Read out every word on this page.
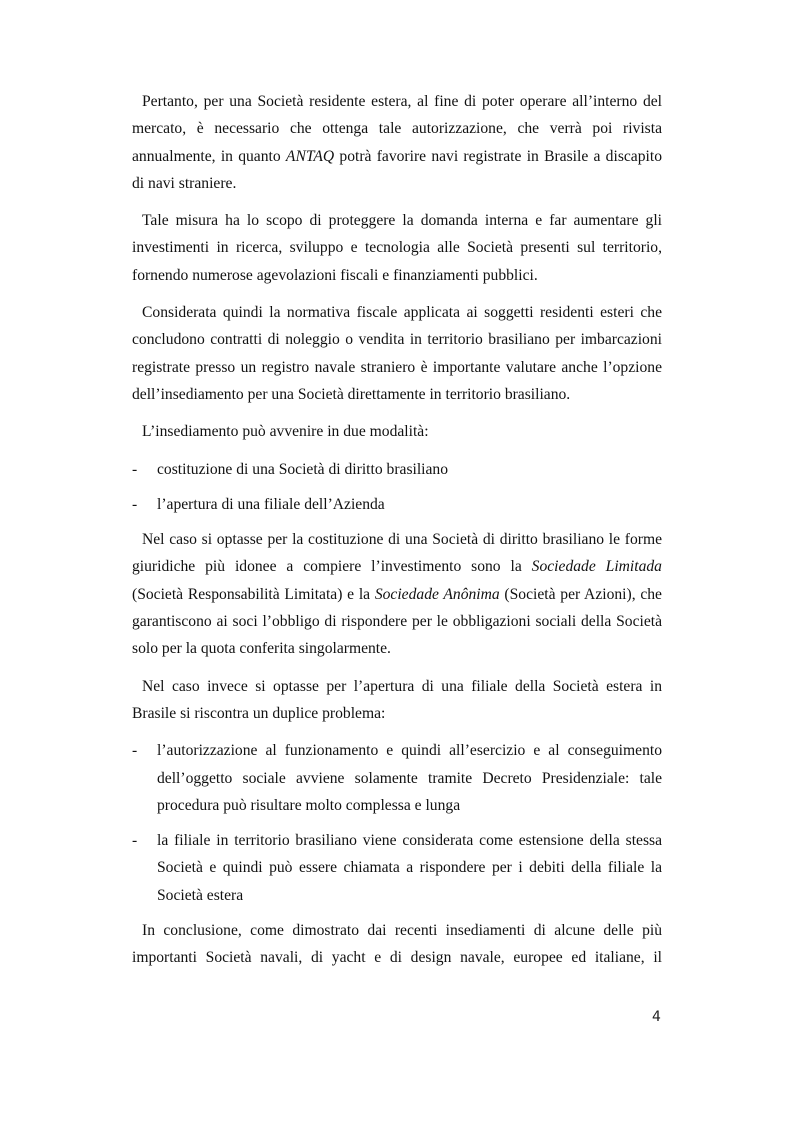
Pertanto, per una Società residente estera, al fine di poter operare all’interno del mercato, è necessario che ottenga tale autorizzazione, che verrà poi rivista annualmente, in quanto ANTAQ potrà favorire navi registrate in Brasile a discapito di navi straniere.

Tale misura ha lo scopo di proteggere la domanda interna e far aumentare gli investimenti in ricerca, sviluppo e tecnologia alle Società presenti sul territorio, fornendo numerose agevolazioni fiscali e finanziamenti pubblici.

Considerata quindi la normativa fiscale applicata ai soggetti residenti esteri che concludono contratti di noleggio o vendita in territorio brasiliano per imbarcazioni registrate presso un registro navale straniero è importante valutare anche l’opzione dell’insediamento per una Società direttamente in territorio brasiliano.

L’insediamento può avvenire in due modalità:

- costituzione di una Società di diritto brasiliano
- l’apertura di una filiale dell’Azienda

Nel caso si optasse per la costituzione di una Società di diritto brasiliano le forme giuridiche più idonee a compiere l’investimento sono la Sociedade Limitada (Società Responsabilità Limitata) e la Sociedade Anônima (Società per Azioni), che garantiscono ai soci l’obbligo di rispondere per le obbligazioni sociali della Società solo per la quota conferita singolarmente.

Nel caso invece si optasse per l’apertura di una filiale della Società estera in Brasile si riscontra un duplice problema:

- l’autorizzazione al funzionamento e quindi all’esercizio e al conseguimento dell’oggetto sociale avviene solamente tramite Decreto Presidenziale: tale procedura può risultare molto complessa e lunga
- la filiale in territorio brasiliano viene considerata come estensione della stessa Società e quindi può essere chiamata a rispondere per i debiti della filiale la Società estera

In conclusione, come dimostrato dai recenti insediamenti di alcune delle più importanti Società navali, di yacht e di design navale, europee ed italiane, il

4
